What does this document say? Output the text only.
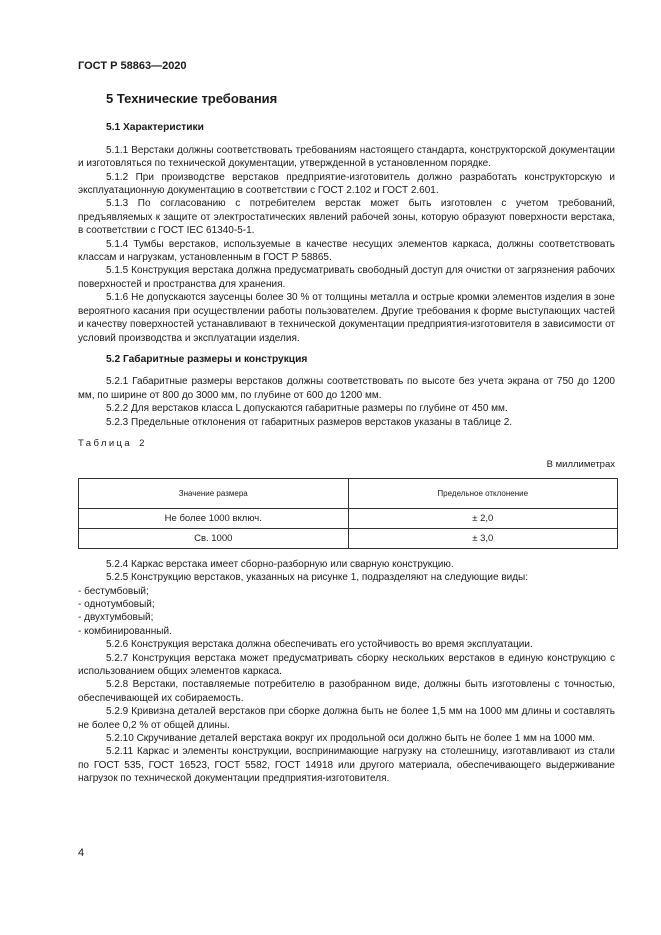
ГОСТ Р 58863—2020
5 Технические требования
5.1 Характеристики

5.1.1 Верстаки должны соответствовать требованиям настоящего стандарта, конструкторской документации и изготовляться по технической документации, утвержденной в установленном порядке.

5.1.2 При производстве верстаков предприятие-изготовитель должно разработать конструкторскую и эксплуатационную документацию в соответствии с ГОСТ 2.102 и ГОСТ 2.601.

5.1.3 По согласованию с потребителем верстак может быть изготовлен с учетом требований, предъявляемых к защите от электростатических явлений рабочей зоны, которую образуют поверхности верстака, в соответствии с ГОСТ IEC 61340-5-1.

5.1.4 Тумбы верстаков, используемые в качестве несущих элементов каркаса, должны соответствовать классам и нагрузкам, установленным в ГОСТ Р 58865.

5.1.5 Конструкция верстака должна предусматривать свободный доступ для очистки от загрязнения рабочих поверхностей и пространства для хранения.

5.1.6 Не допускаются заусенцы более 30 % от толщины металла и острые кромки элементов изделия в зоне вероятного касания при осуществлении работы пользователем. Другие требования к форме выступающих частей и качеству поверхностей устанавливают в технической документации предприятия-изготовителя в зависимости от условий производства и эксплуатации изделия.

5.2 Габаритные размеры и конструкция

5.2.1 Габаритные размеры верстаков должны соответствовать по высоте без учета экрана от 750 до 1200 мм, по ширине от 800 до 3000 мм, по глубине от 600 до 1200 мм.

5.2.2 Для верстаков класса L допускаются габаритные размеры по глубине от 450 мм.

5.2.3 Предельные отклонения от габаритных размеров верстаков указаны в таблице 2.

Таблица 2
В миллиметрах
Значение размера	Предельное отклонение
Не более 1000 включ.	± 2,0
Св. 1000	± 3,0

5.2.4 Каркас верстака имеет сборно-разборную или сварную конструкцию.

5.2.5 Конструкцию верстаков, указанных на рисунке 1, подразделяют на следующие виды:

- бестумбовый;

- однотумбовый;

- двухтумбовый;

- комбинированный.

5.2.6 Конструкция верстака должна обеспечивать его устойчивость во время эксплуатации.

5.2.7 Конструкция верстака может предусматривать сборку нескольких верстаков в единую конструкцию с использованием общих элементов каркаса.

5.2.8 Верстаки, поставляемые потребителю в разобранном виде, должны быть изготовлены с точностью, обеспечивающей их собираемость.

5.2.9 Кривизна деталей верстаков при сборке должна быть не более 1,5 мм на 1000 мм длины и составлять не более 0,2 % от общей длины.

5.2.10 Скручивание деталей верстака вокруг их продольной оси должно быть не более 1 мм на 1000 мм.

5.2.11 Каркас и элементы конструкции, воспринимающие нагрузку на столешницу, изготавливают из стали по ГОСТ 535, ГОСТ 16523, ГОСТ 5582, ГОСТ 14918 или другого материала, обеспечивающего выдерживание нагрузок по технической документации предприятия-изготовителя.

4
